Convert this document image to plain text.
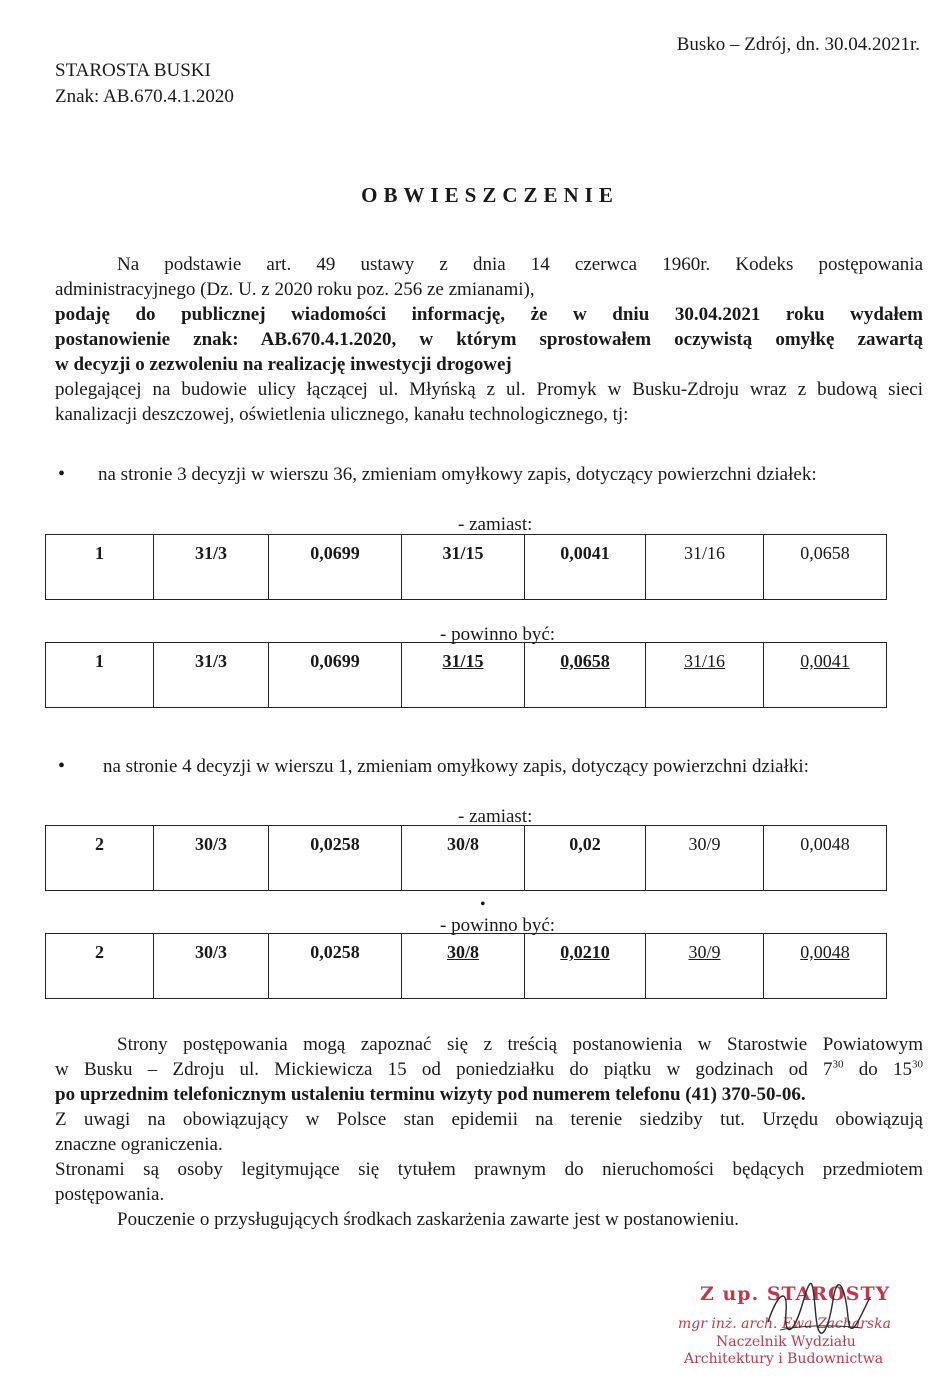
Busko – Zdrój, dn. 30.04.2021r.
STAROSTA BUSKI
Znak: AB.670.4.1.2020
OBWIESZCZENIE

Na podstawie art. 49 ustawy z dnia 14 czerwca 1960r. Kodeks postępowania

administracyjnego (Dz. U. z 2020 roku poz. 256 ze zmianami),

podaję do publicznej wiadomości informację, że w dniu 30.04.2021 roku wydałem

postanowienie znak: AB.670.4.1.2020, w którym sprostowałem oczywistą omyłkę zawartą

w decyzji o zezwoleniu na realizację inwestycji drogowej

polegającej na budowie ulicy łączącej ul. Młyńską z ul. Promyk w Busku-Zdroju wraz z budową sieci

kanalizacji deszczowej, oświetlenia ulicznego, kanału technologicznego, tj:

• na stronie 3 decyzji w wierszu 36, zmieniam omyłkowy zapis, dotyczący powierzchni działek:
- zamiast:
1	31/3	0,0699	31/15	0,0041	31/16	0,0658
- powinno być:
1	31/3	0,0699	31/15	0,0658	31/16	0,0041
• na stronie 4 decyzji w wierszu 1, zmieniam omyłkowy zapis, dotyczący powierzchni działki:
- zamiast:
2	30/3	0,0258	30/8	0,02	30/9	0,0048
•
- powinno być:
2	30/3	0,0258	30/8	0,0210	30/9	0,0048

Strony postępowania mogą zapoznać się z treścią postanowienia w Starostwie Powiatowym

w Busku – Zdroju ul. Mickiewicza 15 od poniedziałku do piątku w godzinach od $7^{30}$ do $15^{30}$

po uprzednim telefonicznym ustaleniu terminu wizyty pod numerem telefonu (41) 370-50-06.

Z uwagi na obowiązujący w Polsce stan epidemii na terenie siedziby tut. Urzędu obowiązują

znaczne ograniczenia.

Stronami są osoby legitymujące się tytułem prawnym do nieruchomości będących przedmiotem

postępowania.

Pouczenie o przysługujących środkach zaskarżenia zawarte jest w postanowieniu.

Z up. STAROSTY
mgr inż. arch. Ewa Zacharska
Naczelnik Wydziału
Architektury i Budownictwa
